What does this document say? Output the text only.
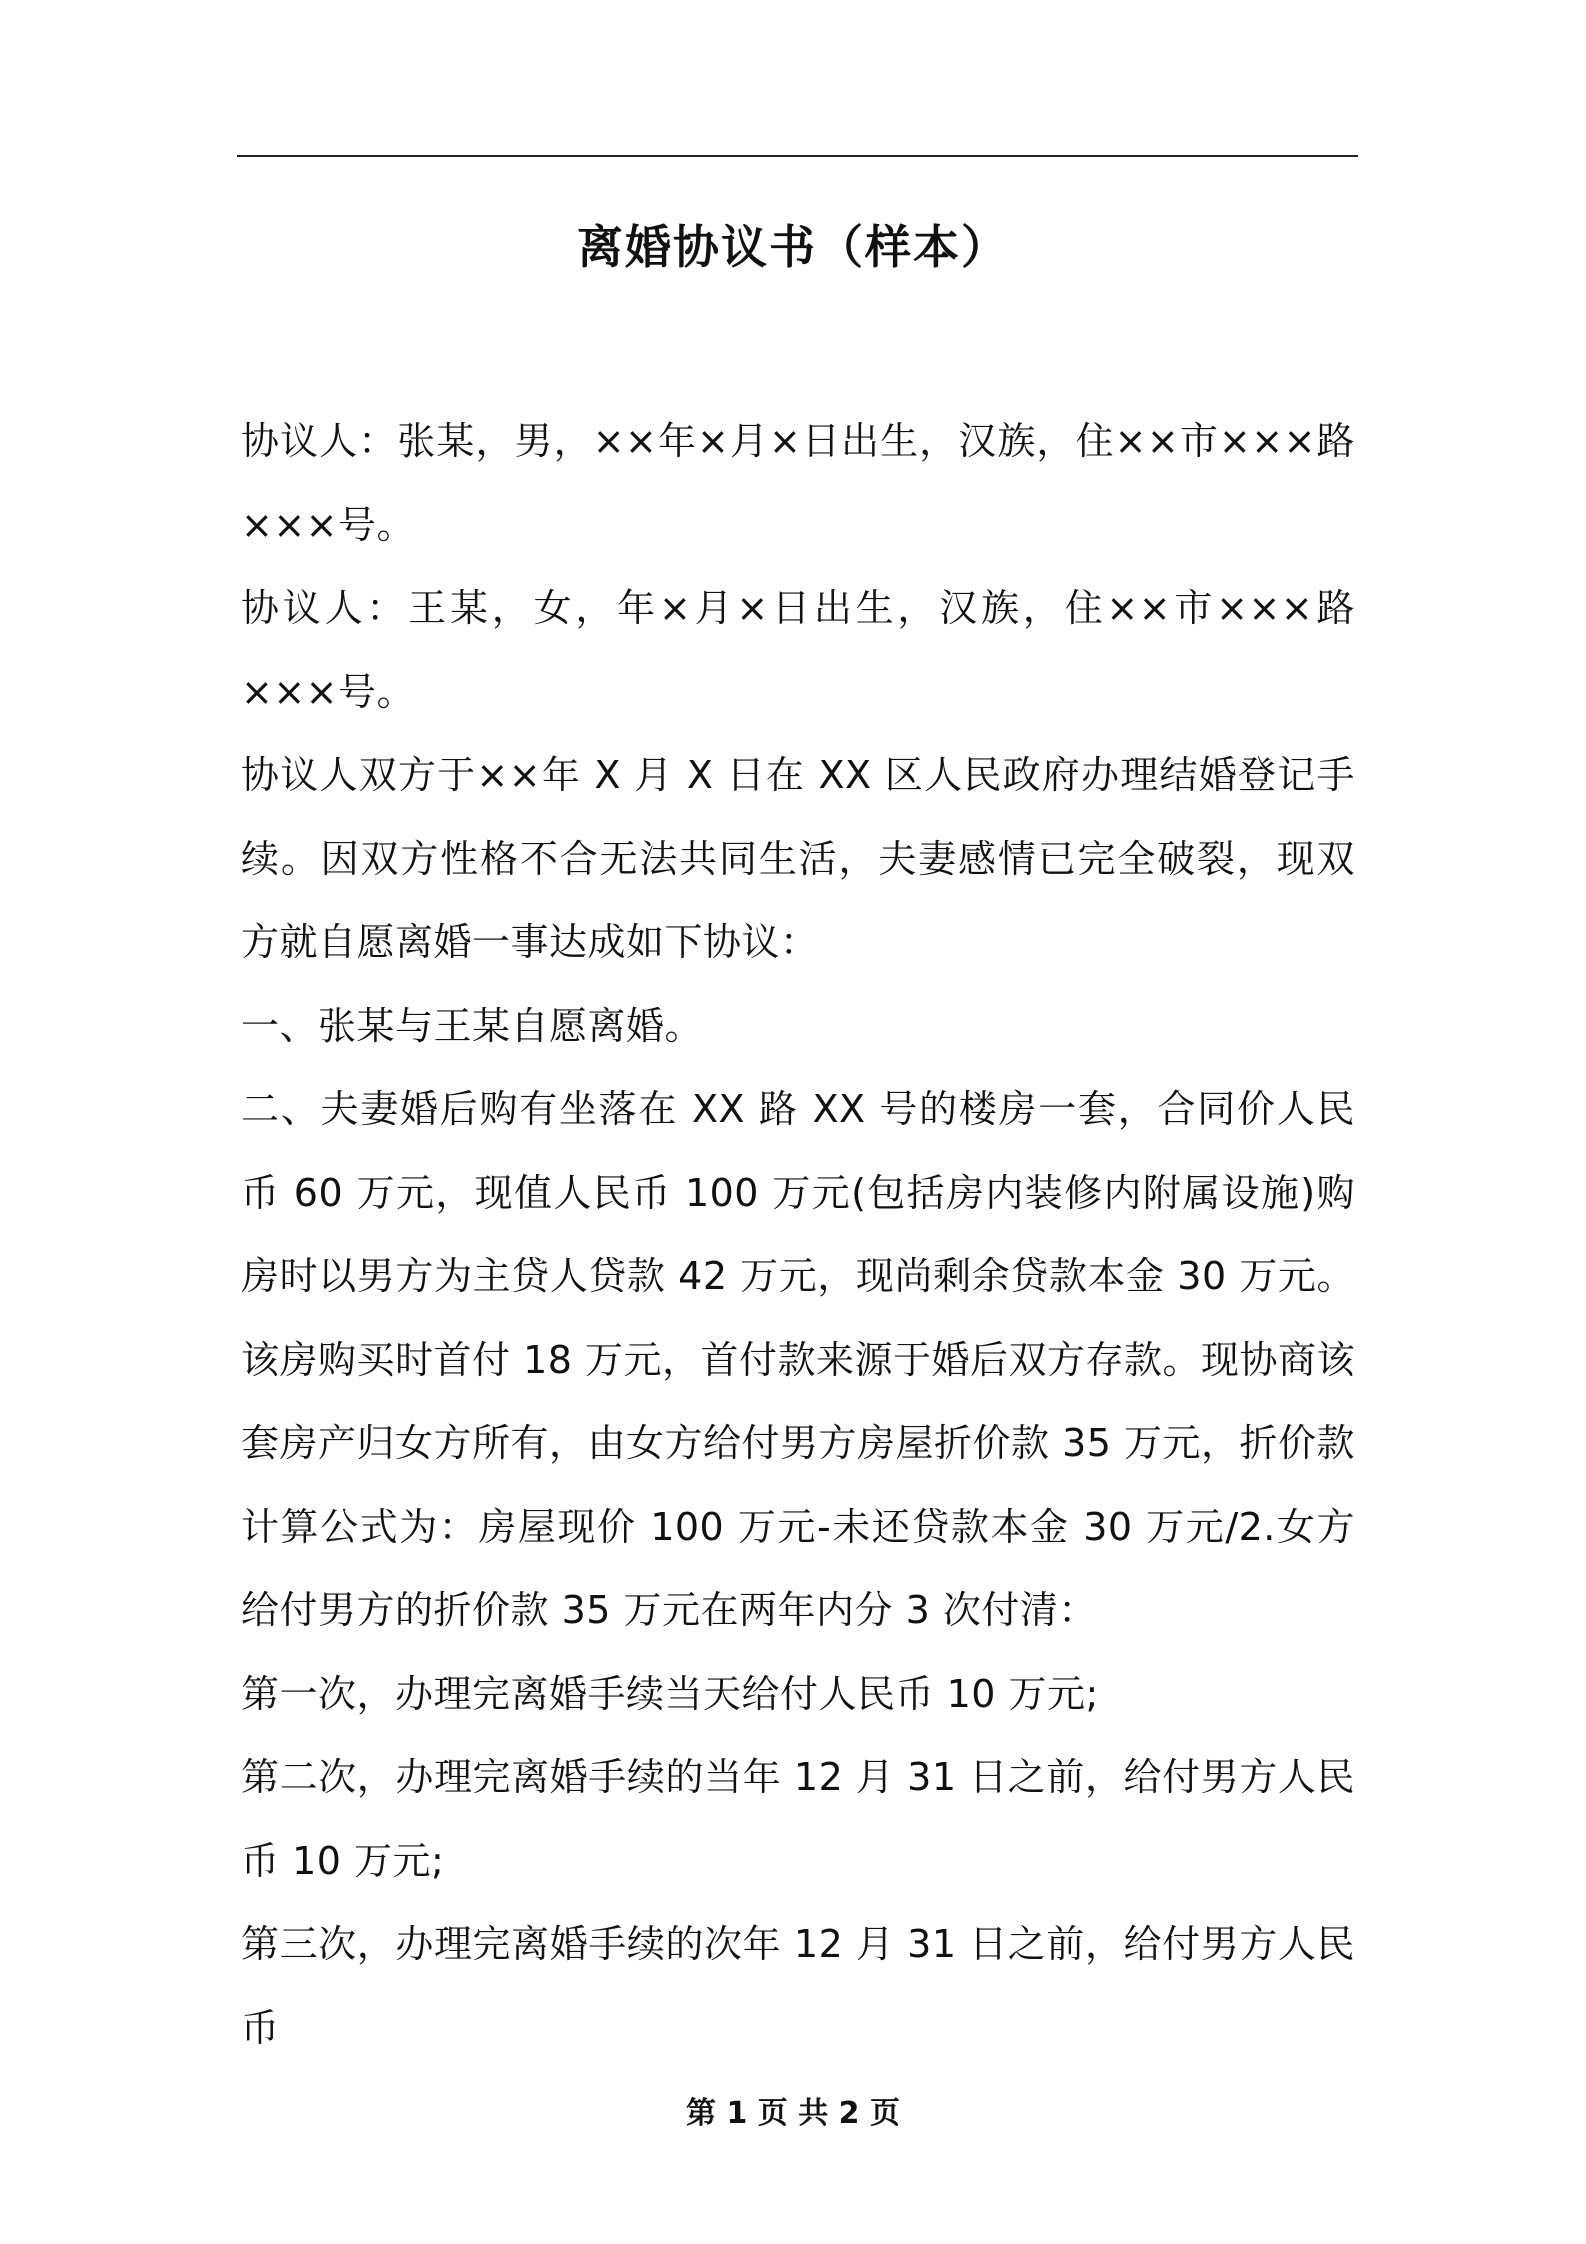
离婚协议书（样本）

协议人：张某，男，××年×月×日出生，汉族，住××市×××路×××号。

协议人：王某，女，年×月×日出生，汉族，住××市×××路×××号。

协议人双方于××年 X 月 X 日在 XX 区人民政府办理结婚登记手续。因双方性格不合无法共同生活，夫妻感情已完全破裂，现双方就自愿离婚一事达成如下协议：

一、张某与王某自愿离婚。

二、夫妻婚后购有坐落在 XX 路 XX 号的楼房一套，合同价人民币 60 万元，现值人民币 100 万元(包括房内装修内附属设施)购房时以男方为主贷人贷款 42 万元，现尚剩余贷款本金 30 万元。该房购买时首付 18 万元，首付款来源于婚后双方存款。现协商该套房产归女方所有，由女方给付男方房屋折价款 35 万元，折价款计算公式为：房屋现价 100 万元-未还贷款本金 30 万元/2.女方给付男方的折价款 35 万元在两年内分 3 次付清：

第一次，办理完离婚手续当天给付人民币 10 万元;

第二次，办理完离婚手续的当年 12 月 31 日之前，给付男方人民币 10 万元;

第三次，办理完离婚手续的次年 12 月 31 日之前，给付男方人民币

第 1 页 共 2 页
